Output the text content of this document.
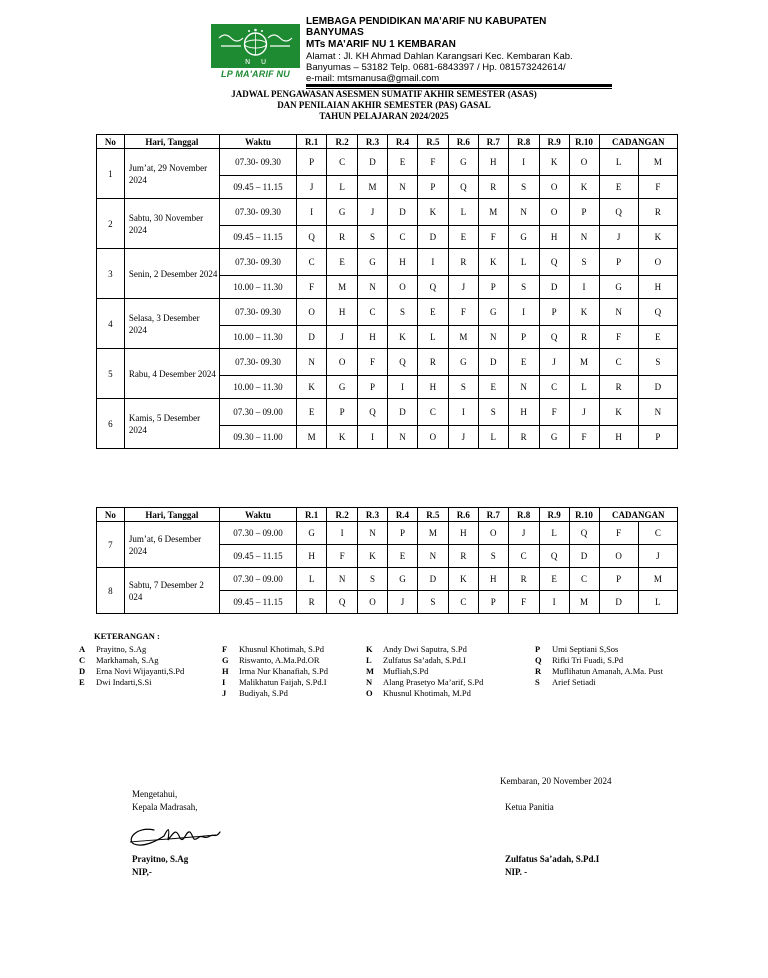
N U
LP MA'ARIF NU
LEMBAGA PENDIDIKAN MA’ARIF NU KABUPATEN
BANYUMAS
MTs MA’ARIF NU 1 KEMBARAN
Alamat : Jl. KH Ahmad Dahlan Karangsari Kec. Kembaran Kab.
Banyumas – 53182 Telp. 0681-6843397 / Hp. 081573242614/
e-mail: mtsmanusa@gmail.com
JADWAL PENGAWASAN ASESMEN SUMATIF AKHIR SEMESTER (ASAS)
DAN PENILAIAN AKHIR SEMESTER (PAS) GASAL
TAHUN PELAJARAN 2024/2025
No	Hari, Tanggal	Waktu	R.1	R.2	R.3	R.4	R.5	R.6	R.7	R.8	R.9	R.10	CADANGAN	
1	Jum’at, 29 November 2024	07.30- 09.30	P	C	D	E	F	G	H	I	K	O	L	M
		09.45 – 11.15	J	L	M	N	P	Q	R	S	O	K	E	F
2	Sabtu, 30 November 2024	07.30- 09.30	I	G	J	D	K	L	M	N	O	P	Q	R
		09.45 – 11.15	Q	R	S	C	D	E	F	G	H	N	J	K
3	Senin, 2 Desember 2024	07.30- 09.30	C	E	G	H	I	R	K	L	Q	S	P	O
		10.00 – 11.30	F	M	N	O	Q	J	P	S	D	I	G	H
4	Selasa, 3 Desember 2024	07.30- 09.30	O	H	C	S	E	F	G	I	P	K	N	Q
		10.00 – 11.30	D	J	H	K	L	M	N	P	Q	R	F	E
5	Rabu, 4 Desember 2024	07.30- 09.30	N	O	F	Q	R	G	D	E	J	M	C	S
		10.00 – 11.30	K	G	P	I	H	S	E	N	C	L	R	D
6	Kamis, 5 Desember 2024	07.30 – 09.00	E	P	Q	D	C	I	S	H	F	J	K	N
		09.30 – 11.00	M	K	I	N	O	J	L	R	G	F	H	P
No	Hari, Tanggal	Waktu	R.1	R.2	R.3	R.4	R.5	R.6	R.7	R.8	R.9	R.10	CADANGAN	
7	Jum’at, 6 Desember 2024	07.30 – 09.00	G	I	N	P	M	H	O	J	L	Q	F	C
		09.45 – 11.15	H	F	K	E	N	R	S	C	Q	D	O	J
8	Sabtu, 7 Desember 2 024	07.30 – 09.00	L	N	S	G	D	K	H	R	E	C	P	M
		09.45 – 11.15	R	Q	O	J	S	C	P	F	I	M	D	L
KETERANGAN :
A	Prayitno, S.Ag
C	Markhamah, S.Ag
D	Erna Novi Wijayanti,S.Pd
E	Dwi Indarti,S.Si
F	Khusnul Khotimah, S.Pd
G	Riswanto, A.Ma.Pd.OR
H	Irma Nur Khanafiah, S.Pd
I	Malikhatun Faijah, S.Pd.I
J	Budiyah, S.Pd
K	Andy Dwi Saputra, S.Pd
L	Zulfatus Sa’adah, S.Pd.I
M	Mufliah,S.Pd
N	Alang Prasetyo Ma’arif, S.Pd
O	Khusnul Khotimah, M.Pd
P	Umi Septiani S,Sos
Q	Rifki Tri Fuadi, S.Pd
R	Muflihatun Amanah, A.Ma. Pust
S	Arief Setiadi
Kembaran, 20 November 2024
Mengetahui,
Kepala Madrasah,	Ketua Panitia
Prayitno, S.Ag
NIP,-
Zulfatus Sa’adah, S.Pd.I
NIP. -
